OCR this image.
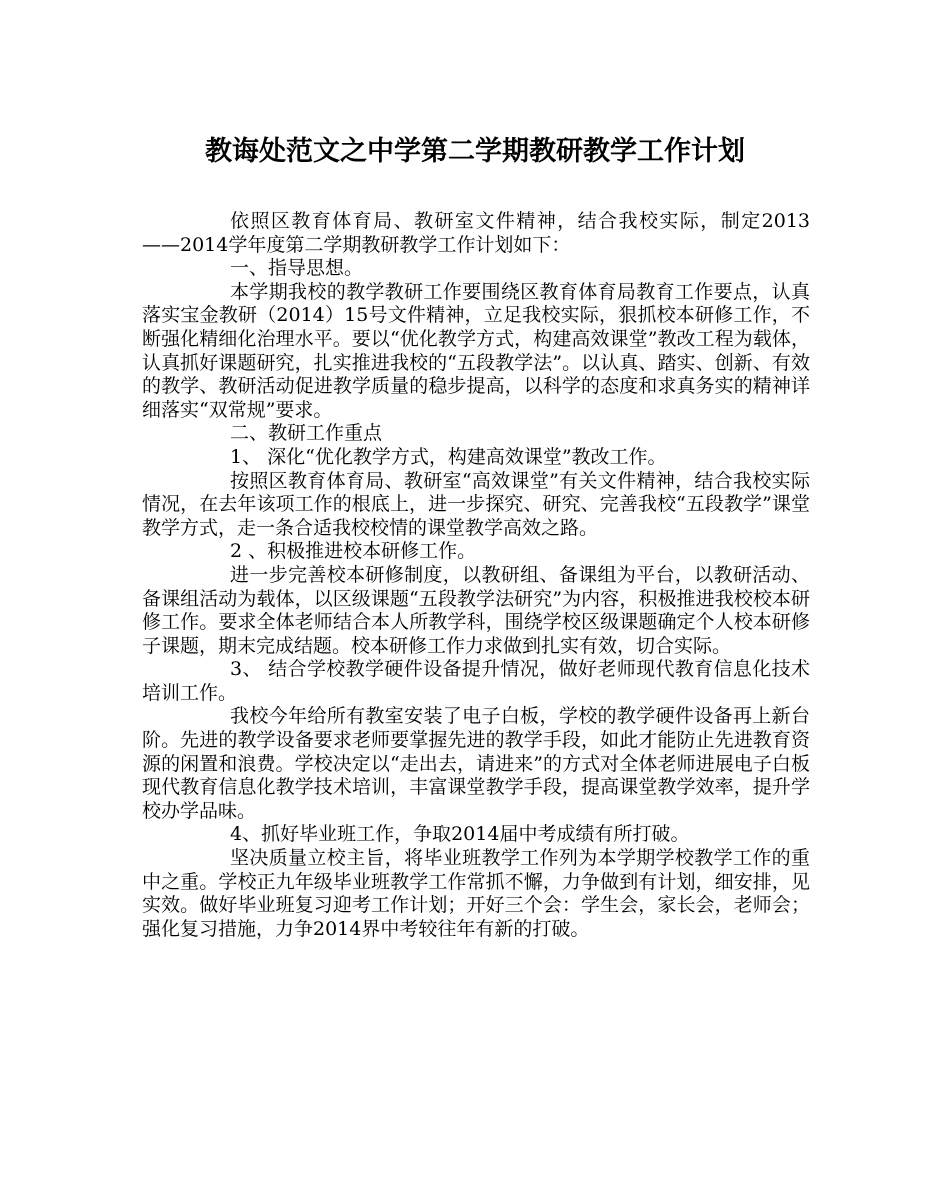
教诲处范文之中学第二学期教研教学工作计划

依照区教育体育局、教研室文件精神，结合我校实际，制定2013——2014学年度第二学期教研教学工作计划如下：

一、指导思想。

本学期我校的教学教研工作要围绕区教育体育局教育工作要点，认真落实宝金教研（2014）15号文件精神，立足我校实际，狠抓校本研修工作，不断强化精细化治理水平。要以“优化教学方式，构建高效课堂”教改工程为载体，认真抓好课题研究，扎实推进我校的“五段教学法”。以认真、踏实、创新、有效的教学、教研活动促进教学质量的稳步提高，以科学的态度和求真务实的精神详细落实“双常规”要求。

二、教研工作重点

1、 深化“优化教学方式，构建高效课堂”教改工作。

按照区教育体育局、教研室“高效课堂”有关文件精神，结合我校实际情况，在去年该项工作的根底上，进一步探究、研究、完善我校“五段教学”课堂教学方式，走一条合适我校校情的课堂教学高效之路。

2 、积极推进校本研修工作。

进一步完善校本研修制度，以教研组、备课组为平台，以教研活动、备课组活动为载体，以区级课题“五段教学法研究”为内容，积极推进我校校本研修工作。要求全体老师结合本人所教学科，围绕学校区级课题确定个人校本研修子课题，期末完成结题。校本研修工作力求做到扎实有效，切合实际。

3、 结合学校教学硬件设备提升情况，做好老师现代教育信息化技术培训工作。

我校今年给所有教室安装了电子白板，学校的教学硬件设备再上新台阶。先进的教学设备要求老师要掌握先进的教学手段，如此才能防止先进教育资源的闲置和浪费。学校决定以“走出去，请进来”的方式对全体老师进展电子白板现代教育信息化教学技术培训，丰富课堂教学手段，提高课堂教学效率，提升学校办学品味。

4、抓好毕业班工作，争取2014届中考成绩有所打破。

坚决质量立校主旨，将毕业班教学工作列为本学期学校教学工作的重中之重。学校正九年级毕业班教学工作常抓不懈，力争做到有计划，细安排，见实效。做好毕业班复习迎考工作计划；开好三个会：学生会，家长会，老师会；强化复习措施，力争2014界中考较往年有新的打破。
